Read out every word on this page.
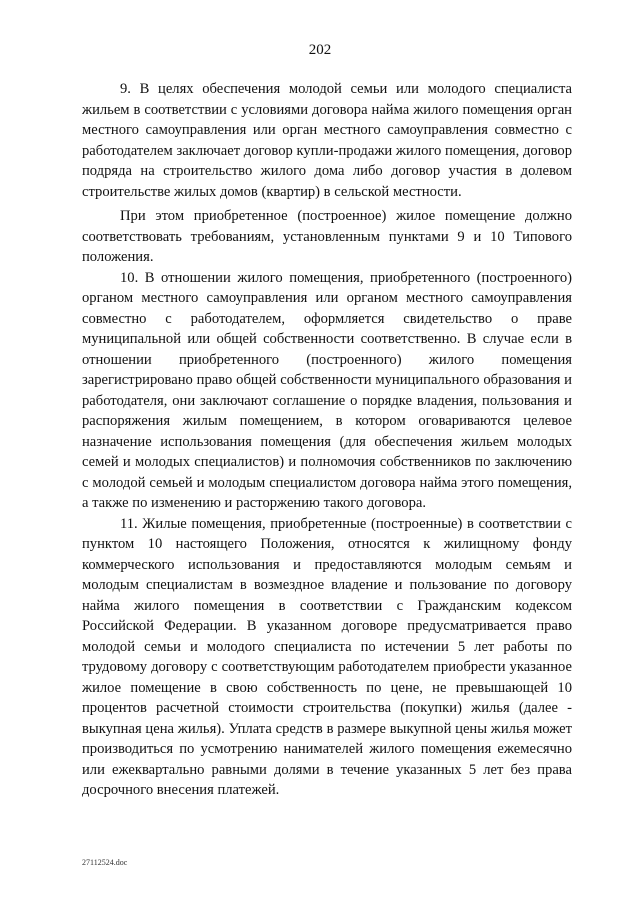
202

9. В целях обеспечения молодой семьи или молодого специалиста жильем в соответствии с условиями договора найма жилого помещения орган местного самоуправления или орган местного самоуправления совместно с работодателем заключает договор купли-продажи жилого помещения, договор подряда на строительство жилого дома либо договор участия в долевом строительстве жилых домов (квартир) в сельской местности.

При этом приобретенное (построенное) жилое помещение должно соответствовать требованиям, установленным пунктами 9 и 10 Типового положения.

10. В отношении жилого помещения, приобретенного (построенного) органом местного самоуправления или органом местного самоуправления совместно с работодателем, оформляется свидетельство о праве муниципальной или общей собственности соответственно. В случае если в отношении приобретенного (построенного) жилого помещения зарегистрировано право общей собственности муниципального образования и работодателя, они заключают соглашение о порядке владения, пользования и распоряжения жилым помещением, в котором оговариваются целевое назначение использования помещения (для обеспечения жильем молодых семей и молодых специалистов) и полномочия собственников по заключению с молодой семьей и молодым специалистом договора найма этого помещения, а также по изменению и расторжению такого договора.

11. Жилые помещения, приобретенные (построенные) в соответствии с пунктом 10 настоящего Положения, относятся к жилищному фонду коммерческого использования и предоставляются молодым семьям и молодым специалистам в возмездное владение и пользование по договору найма жилого помещения в соответствии с Гражданским кодексом Российской Федерации. В указанном договоре предусматривается право молодой семьи и молодого специалиста по истечении 5 лет работы по трудовому договору с соответствующим работодателем приобрести указанное жилое помещение в свою собственность по цене, не превышающей 10 процентов расчетной стоимости строительства (покупки) жилья (далее - выкупная цена жилья). Уплата средств в размере выкупной цены жилья может производиться по усмотрению нанимателей жилого помещения ежемесячно или ежеквартально равными долями в течение указанных 5 лет без права досрочного внесения платежей.

27112524.doc
